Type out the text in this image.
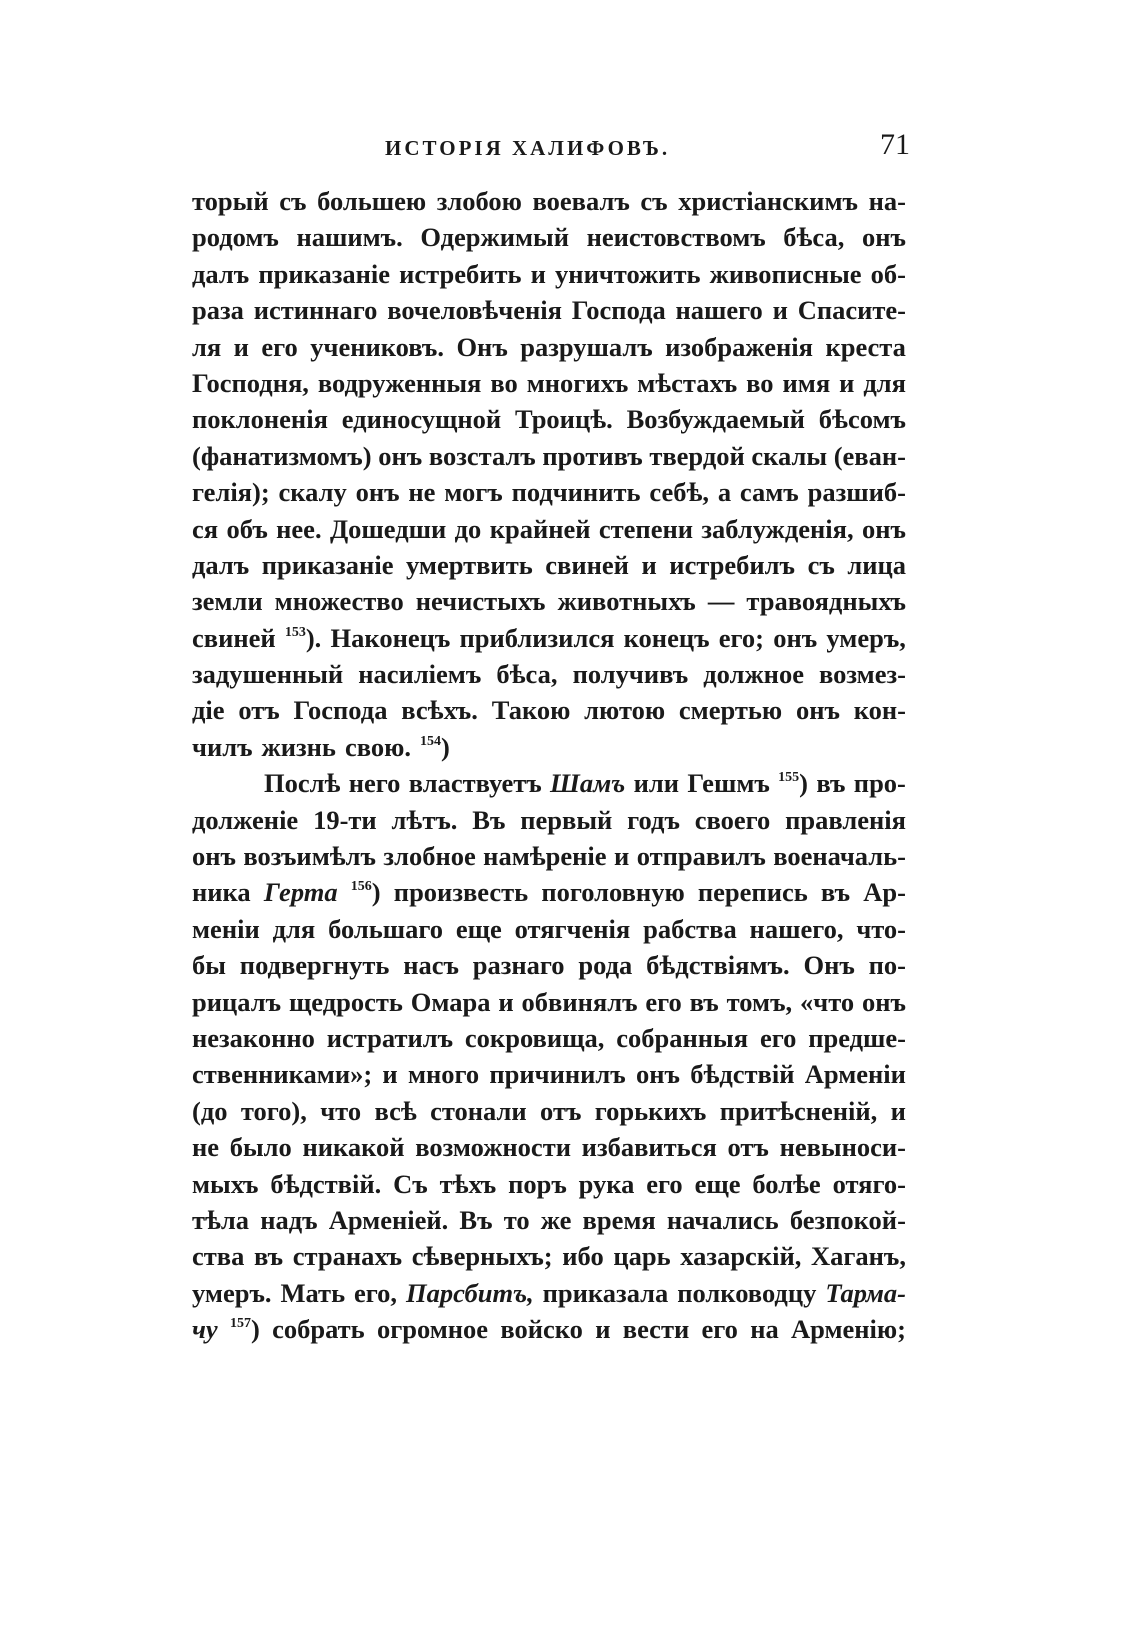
ИСТОРІЯ ХАЛИФОВЪ.	71
торый съ большею злобою воевалъ съ христіанскимъ на-
родомъ нашимъ. Одержимый неистовствомъ бѣса, онъ
далъ приказаніе истребить и уничтожить живописные об-
раза истиннаго вочеловѣченія Господа нашего и Спасите-
ля и его учениковъ. Онъ разрушалъ изображенія креста
Господня, водруженныя во многихъ мѣстахъ во имя и для
поклоненія единосущной Троицѣ. Возбуждаемый бѣсомъ
(фанатизмомъ) онъ возсталъ противъ твердой скалы (еван-
гелія); скалу онъ не могъ подчинить себѣ, а самъ разшиб-
ся объ нее. Дошедши до крайней степени заблужденія, онъ
далъ приказаніе умертвить свиней и истребилъ съ лица
земли множество нечистыхъ животныхъ — травоядныхъ
свиней $^{153}$). Наконецъ приблизился конецъ его; онъ умеръ,
задушенный насиліемъ бѣса, получивъ должное возмез-
діе отъ Господа всѣхъ. Такою лютою смертью онъ кон-
чилъ жизнь свою. $^{154}$)
Послѣ него властвуетъ Шамъ или Гешмъ $^{155}$) въ про-
долженіе 19-ти лѣтъ. Въ первый годъ своего правленія
онъ возъимѣлъ злобное намѣреніе и отправилъ военачаль-
ника Герта $^{156}$) произвесть поголовную перепись въ Ар-
меніи для большаго еще отягченія рабства нашего, что-
бы подвергнуть насъ разнаго рода бѣдствіямъ. Онъ по-
рицалъ щедрость Омара и обвинялъ его въ томъ, «что онъ
незаконно истратилъ сокровища, собранныя его предше-
ственниками»; и много причинилъ онъ бѣдствій Арменіи
(до того), что всѣ стонали отъ горькихъ притѣсненій, и
не было никакой возможности избавиться отъ невыноси-
мыхъ бѣдствій. Съ тѣхъ поръ рука его еще болѣе отяго-
тѣла надъ Арменіей. Въ то же время начались безпокой-
ства въ странахъ сѣверныхъ; ибо царь хазарскій, Хаганъ,
умеръ. Мать его, Парсбитъ, приказала полководцу Тарма-
чу $^{157}$) собрать огромное войско и вести его на Арменію;
